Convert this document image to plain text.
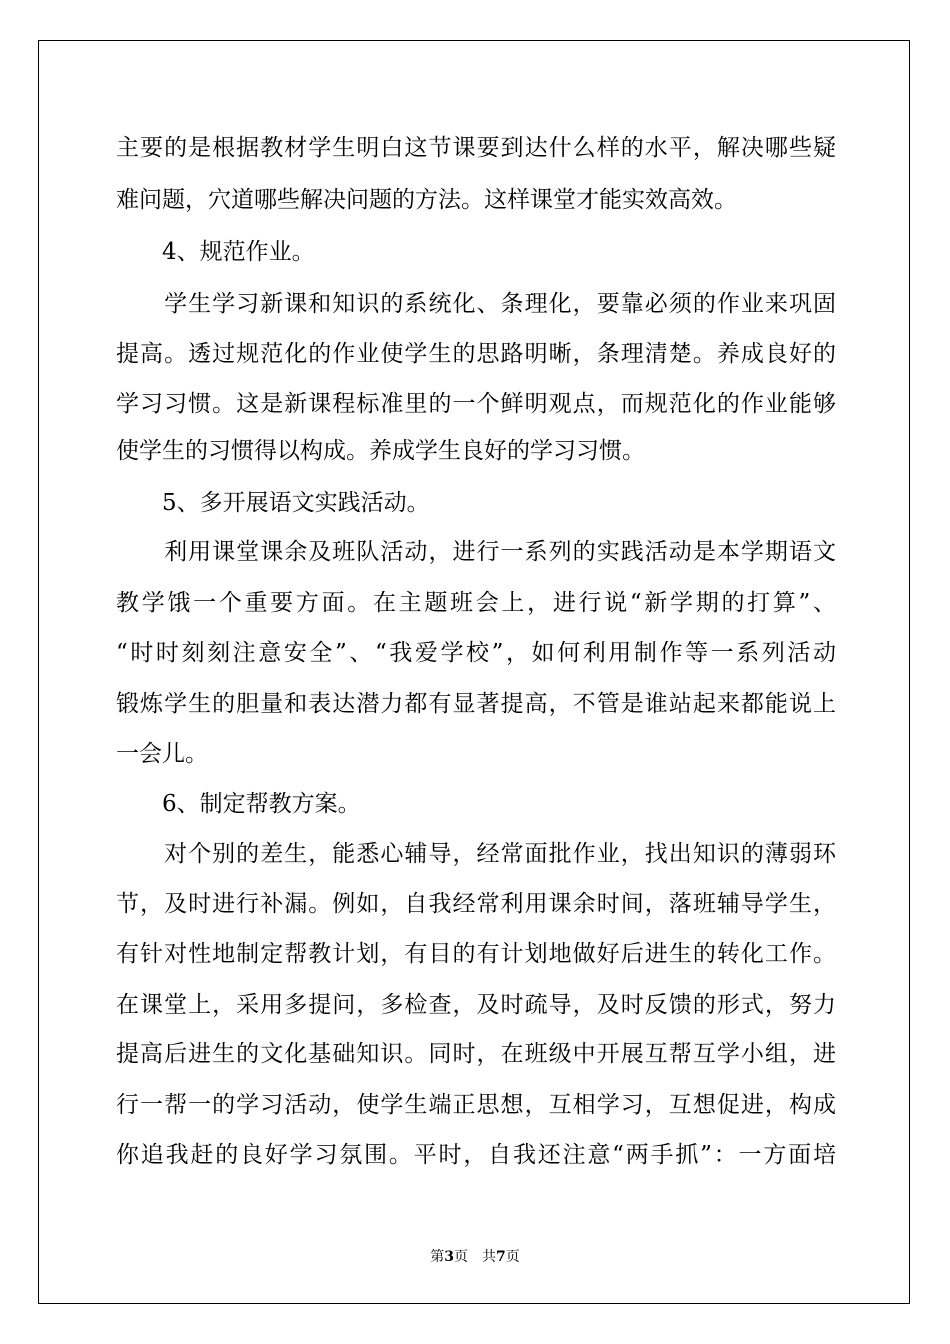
主要的是根据教材学生明白这节课要到达什么样的水平，解决哪些疑
难问题，穴道哪些解决问题的方法。这样课堂才能实效高效。
　　4、规范作业。
　　学生学习新课和知识的系统化、条理化，要靠必须的作业来巩固
提高。透过规范化的作业使学生的思路明晰，条理清楚。养成良好的
学习习惯。这是新课程标准里的一个鲜明观点，而规范化的作业能够
使学生的习惯得以构成。养成学生良好的学习习惯。
　　5、多开展语文实践活动。
　　利用课堂课余及班队活动，进行一系列的实践活动是本学期语文
教学饿一个重要方面。在主题班会上，进行说“新学期的打算”、
“时时刻刻注意安全”、“我爱学校”，如何利用制作等一系列活动
锻炼学生的胆量和表达潜力都有显著提高，不管是谁站起来都能说上
一会儿。
　　6、制定帮教方案。
　　对个别的差生，能悉心辅导，经常面批作业，找出知识的薄弱环
节，及时进行补漏。例如，自我经常利用课余时间，落班辅导学生，
有针对性地制定帮教计划，有目的有计划地做好后进生的转化工作。
在课堂上，采用多提问，多检查，及时疏导，及时反馈的形式，努力
提高后进生的文化基础知识。同时，在班级中开展互帮互学小组，进
行一帮一的学习活动，使学生端正思想，互相学习，互想促进，构成
你追我赶的良好学习氛围。平时，自我还注意“两手抓”：一方面培
第3页　共7页
